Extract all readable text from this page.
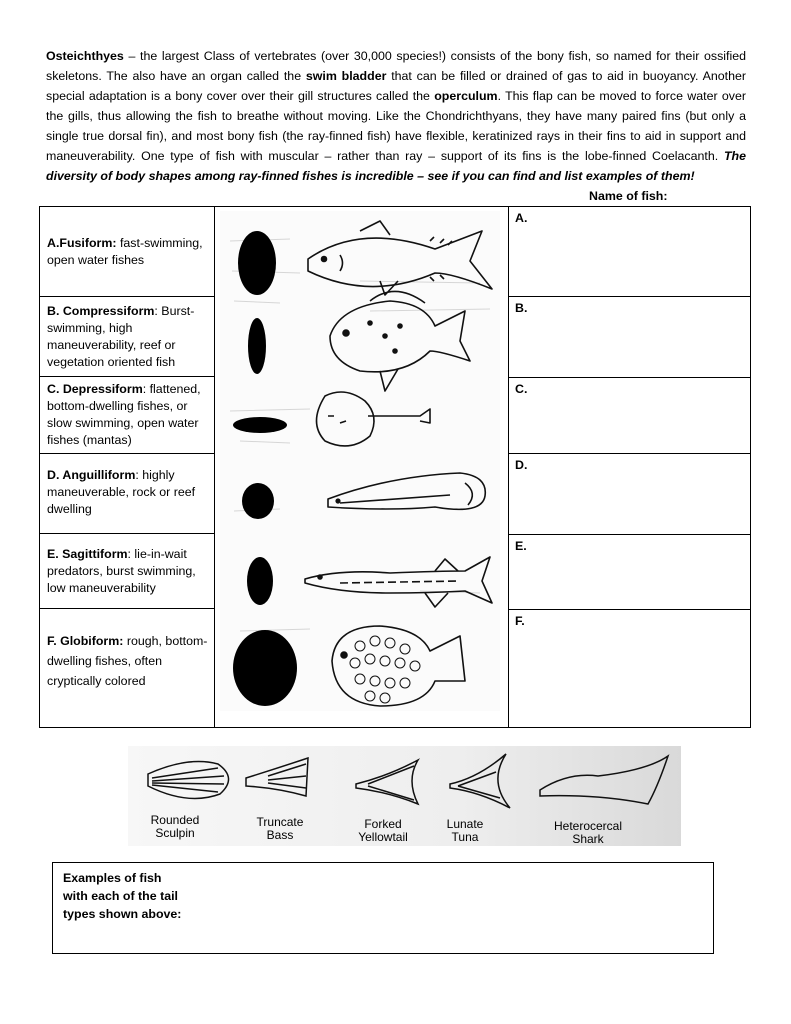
Osteichthyes – the largest Class of vertebrates (over 30,000 species!) consists of the bony fish, so named for their ossified skeletons. The also have an organ called the swim bladder that can be filled or drained of gas to aid in buoyancy. Another special adaptation is a bony cover over their gill structures called the operculum. This flap can be moved to force water over the gills, thus allowing the fish to breathe without moving. Like the Chondrichthyans, they have many paired fins (but only a single true dorsal fin), and most bony fish (the ray-finned fish) have flexible, keratinized rays in their fins to aid in support and maneuverability. One type of fish with muscular – rather than ray – support of its fins is the lobe-finned Coelacanth. The diversity of body shapes among ray-finned fishes is incredible – see if you can find and list examples of them!
Name of fish:
A.Fusiform: fast-swimming, open water fishes
B. Compressiform: Burst-swimming, high maneuverability, reef or vegetation oriented fish
C. Depressiform: flattened, bottom-dwelling fishes, or slow swimming, open water fishes (mantas)
D. Anguilliform: highly maneuverable, rock or reef dwelling
E. Sagittiform: lie-in-wait predators, burst swimming, low maneuverability
F. Globiform: rough, bottom-dwelling fishes, often cryptically colored
A.
B.
C.
D.
E.
F.
Rounded
Sculpin
Truncate
Bass
Forked
Yellowtail
Lunate
Tuna
Heterocercal
Shark
Examples of fish with each of the tail types shown above:
